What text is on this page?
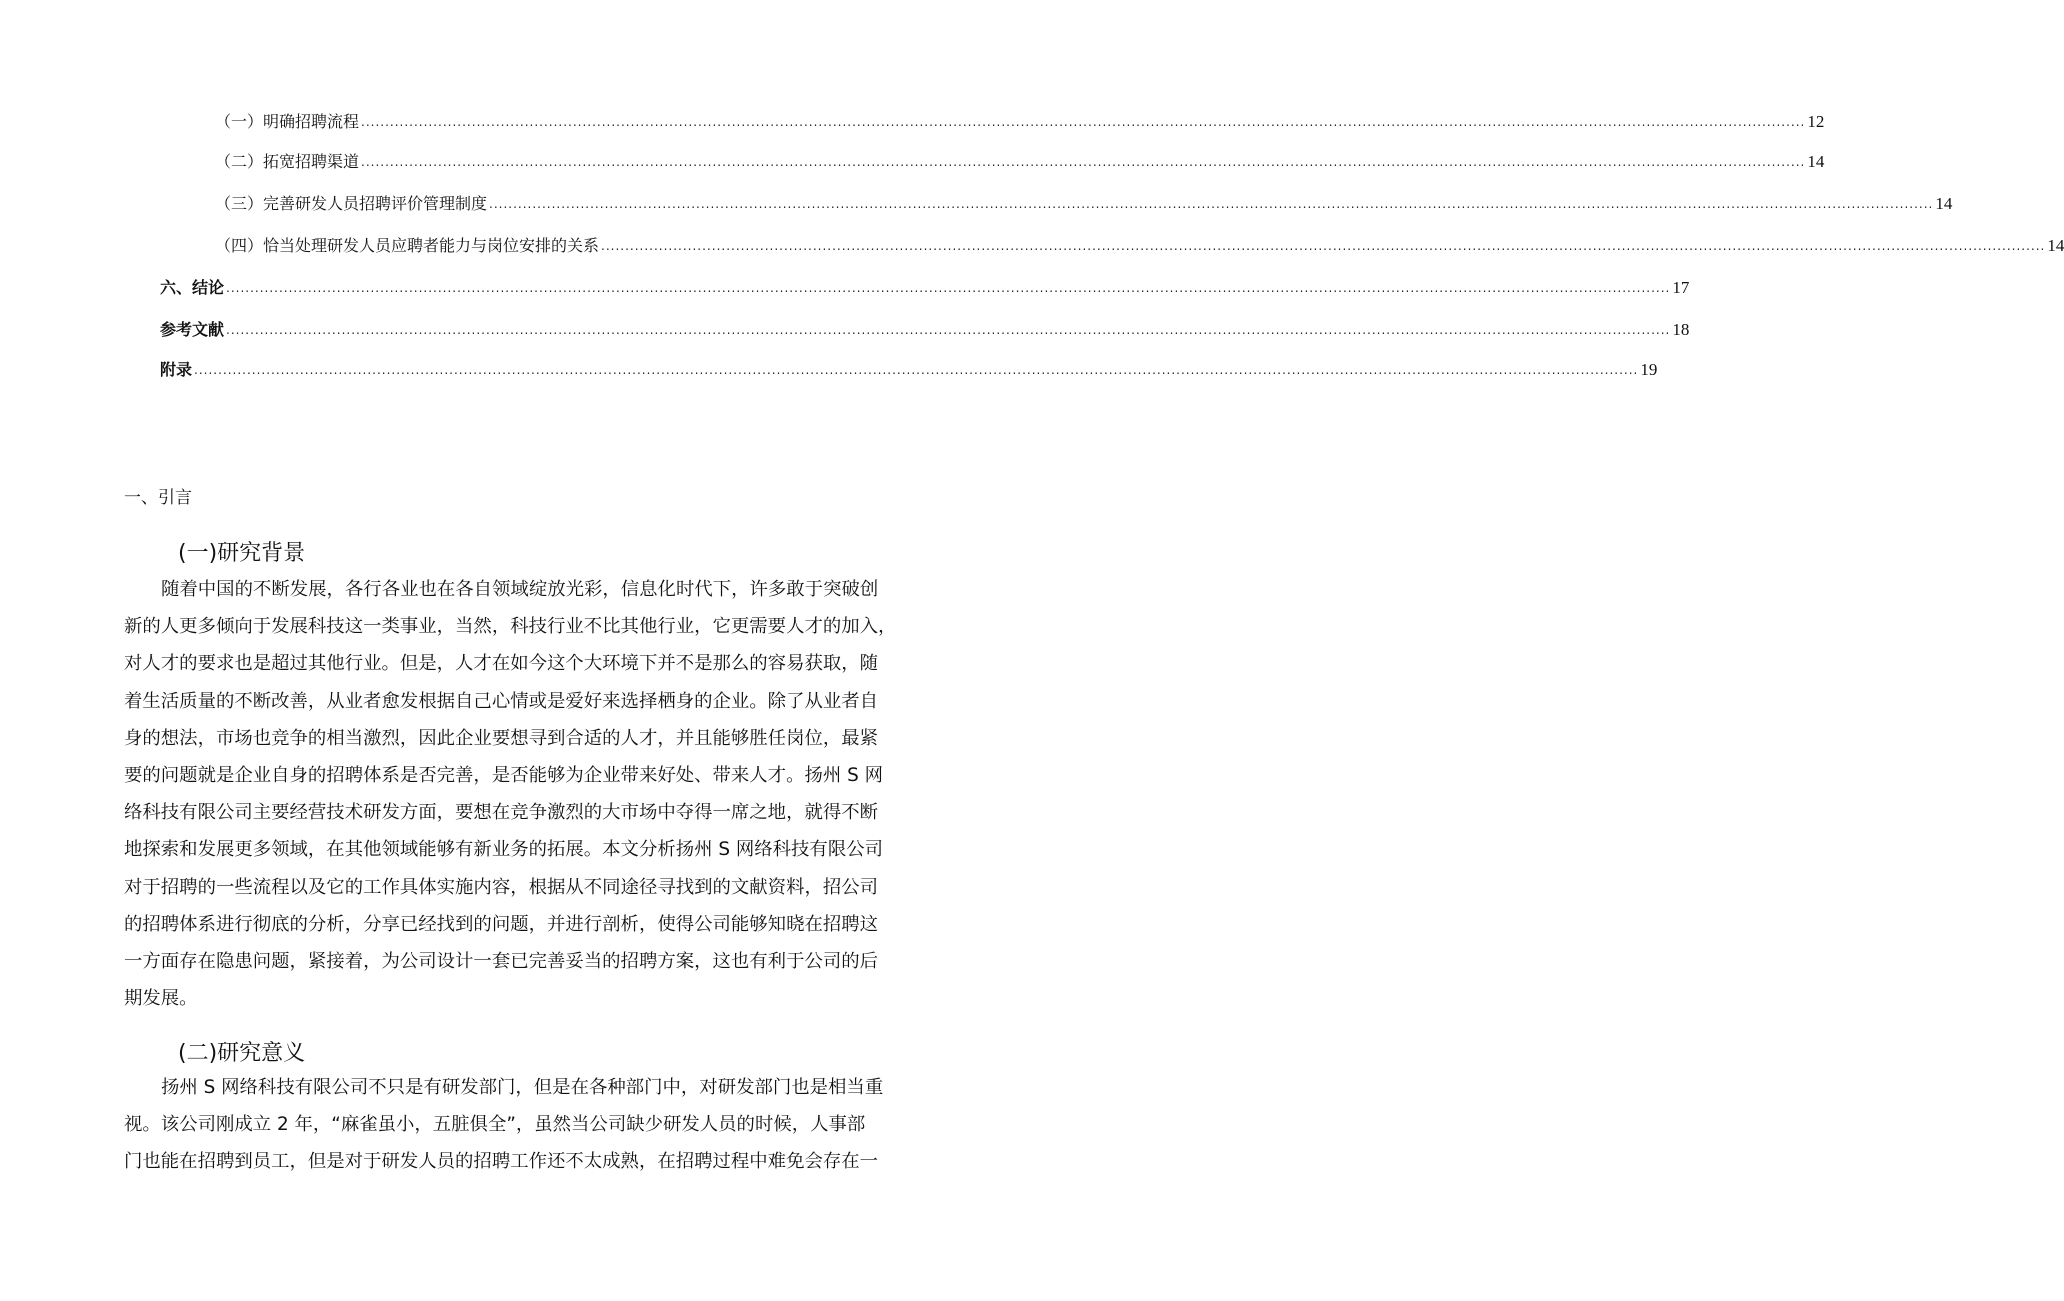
（一）明确招聘流程 ............................................................................................................................................................................................................................................................................................................ 12
（二）拓宽招聘渠道 ............................................................................................................................................................................................................................................................................................................ 14
（三）完善研发人员招聘评价管理制度 ............................................................................................................................................................................................................................................................................................................ 14
（四）恰当处理研发人员应聘者能力与岗位安排的关系 ............................................................................................................................................................................................................................................................................................................ 14
六、结论 ............................................................................................................................................................................................................................................................................................................ 17
参考文献 ............................................................................................................................................................................................................................................................................................................ 18
附录 ............................................................................................................................................................................................................................................................................................................ 19
一、引言
(一)研究背景
随着中国的不断发展，各行各业也在各自领域绽放光彩，信息化时代下，许多敢于突破创
新的人更多倾向于发展科技这一类事业，当然，科技行业不比其他行业，它更需要人才的加入，
对人才的要求也是超过其他行业。但是，人才在如今这个大环境下并不是那么的容易获取，随
着生活质量的不断改善，从业者愈发根据自己心情或是爱好来选择栖身的企业。除了从业者自
身的想法，市场也竞争的相当激烈，因此企业要想寻到合适的人才，并且能够胜任岗位，最紧
要的问题就是企业自身的招聘体系是否完善，是否能够为企业带来好处、带来人才。扬州 S 网
络科技有限公司主要经营技术研发方面，要想在竞争激烈的大市场中夺得一席之地，就得不断
地探索和发展更多领域，在其他领域能够有新业务的拓展。本文分析扬州 S 网络科技有限公司
对于招聘的一些流程以及它的工作具体实施内容，根据从不同途径寻找到的文献资料，招公司
的招聘体系进行彻底的分析，分享已经找到的问题，并进行剖析，使得公司能够知晓在招聘这
一方面存在隐患问题，紧接着，为公司设计一套已完善妥当的招聘方案，这也有利于公司的后
期发展。
(二)研究意义
扬州 S 网络科技有限公司不只是有研发部门，但是在各种部门中，对研发部门也是相当重
视。该公司刚成立 2 年，“麻雀虽小，五脏俱全”，虽然当公司缺少研发人员的时候，人事部
门也能在招聘到员工，但是对于研发人员的招聘工作还不太成熟，在招聘过程中难免会存在一
